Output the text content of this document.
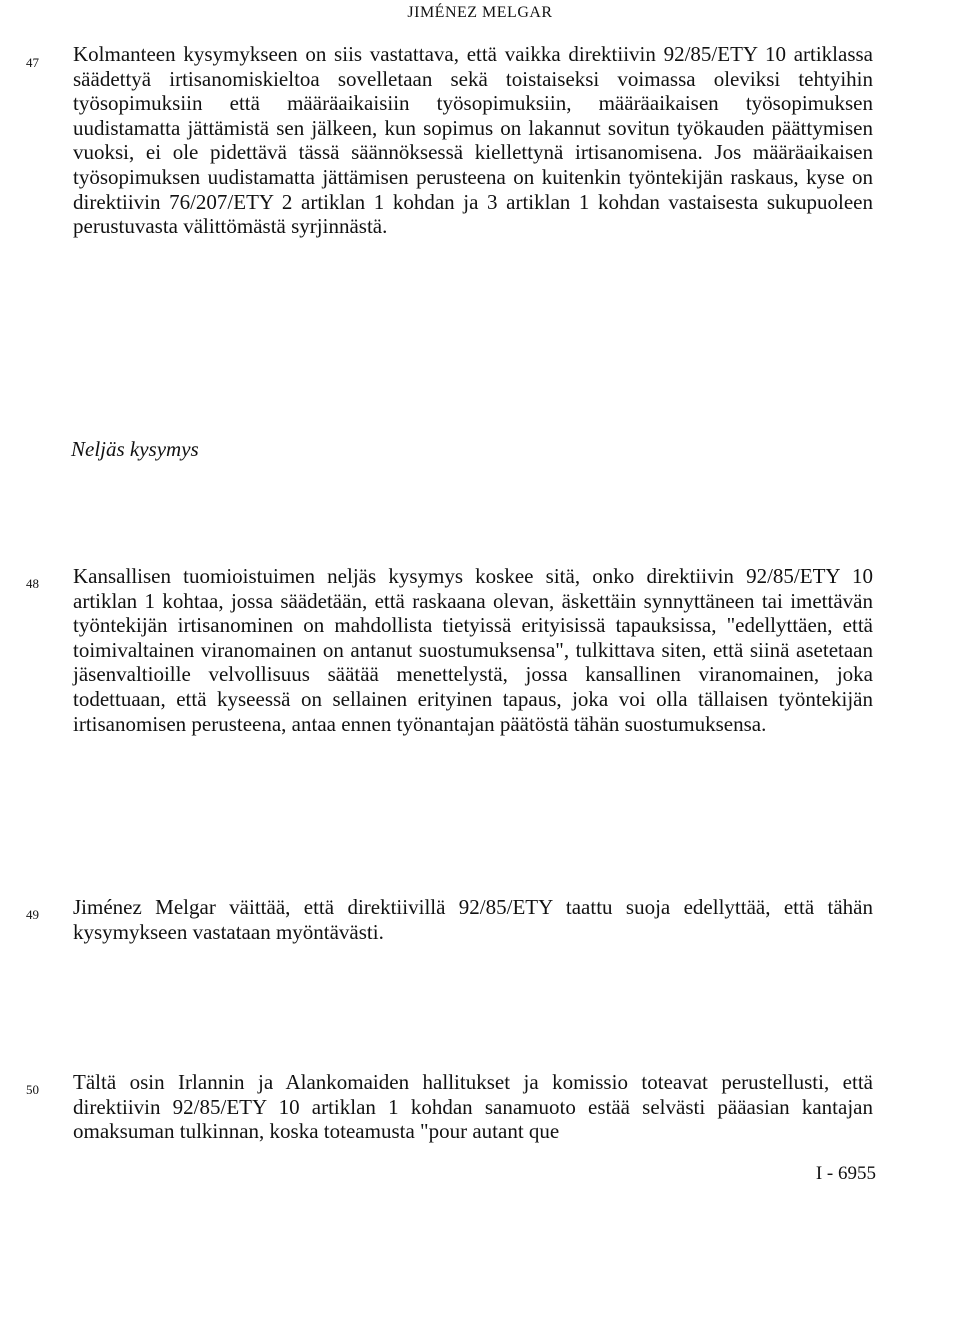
JIMÉNEZ MELGAR
47 Kolmanteen kysymykseen on siis vastattava, että vaikka direktiivin 92/85/ETY 10 artiklassa säädettyä irtisanomiskieltoa sovelletaan sekä toistaiseksi voimassa oleviksi tehtyihin työsopimuksiin että määräaikaisiin työsopimuksiin, määräaikaisen työsopimuksen uudistamatta jättämistä sen jälkeen, kun sopimus on lakannut sovitun työkauden päättymisen vuoksi, ei ole pidettävä tässä säännöksessä kiellettynä irtisanomisena. Jos määräaikaisen työsopimuksen uudistamatta jättämisen perusteena on kuitenkin työntekijän raskaus, kyse on direktiivin 76/207/ETY 2 artiklan 1 kohdan ja 3 artiklan 1 kohdan vastaisesta sukupuoleen perustuvasta välittömästä syrjinnästä.
Neljäs kysymys
48 Kansallisen tuomioistuimen neljäs kysymys koskee sitä, onko direktiivin 92/85/ETY 10 artiklan 1 kohtaa, jossa säädetään, että raskaana olevan, äskettäin synnyttäneen tai imettävän työntekijän irtisanominen on mahdollista tietyissä erityisissä tapauksissa, "edellyttäen, että toimivaltainen viranomainen on antanut suostumuksensa", tulkittava siten, että siinä asetetaan jäsenvaltioille velvollisuus säätää menettelystä, jossa kansallinen viranomainen, joka todettuaan, että kyseessä on sellainen erityinen tapaus, joka voi olla tällaisen työntekijän irtisanomisen perusteena, antaa ennen työnantajan päätöstä tähän suostumuksensa.
49 Jiménez Melgar väittää, että direktiivillä 92/85/ETY taattu suoja edellyttää, että tähän kysymykseen vastataan myöntävästi.
50 Tältä osin Irlannin ja Alankomaiden hallitukset ja komissio toteavat perustellusti, että direktiivin 92/85/ETY 10 artiklan 1 kohdan sanamuoto estää selvästi pääasian kantajan omaksuman tulkinnan, koska toteamusta "pour autant que
I - 6955
